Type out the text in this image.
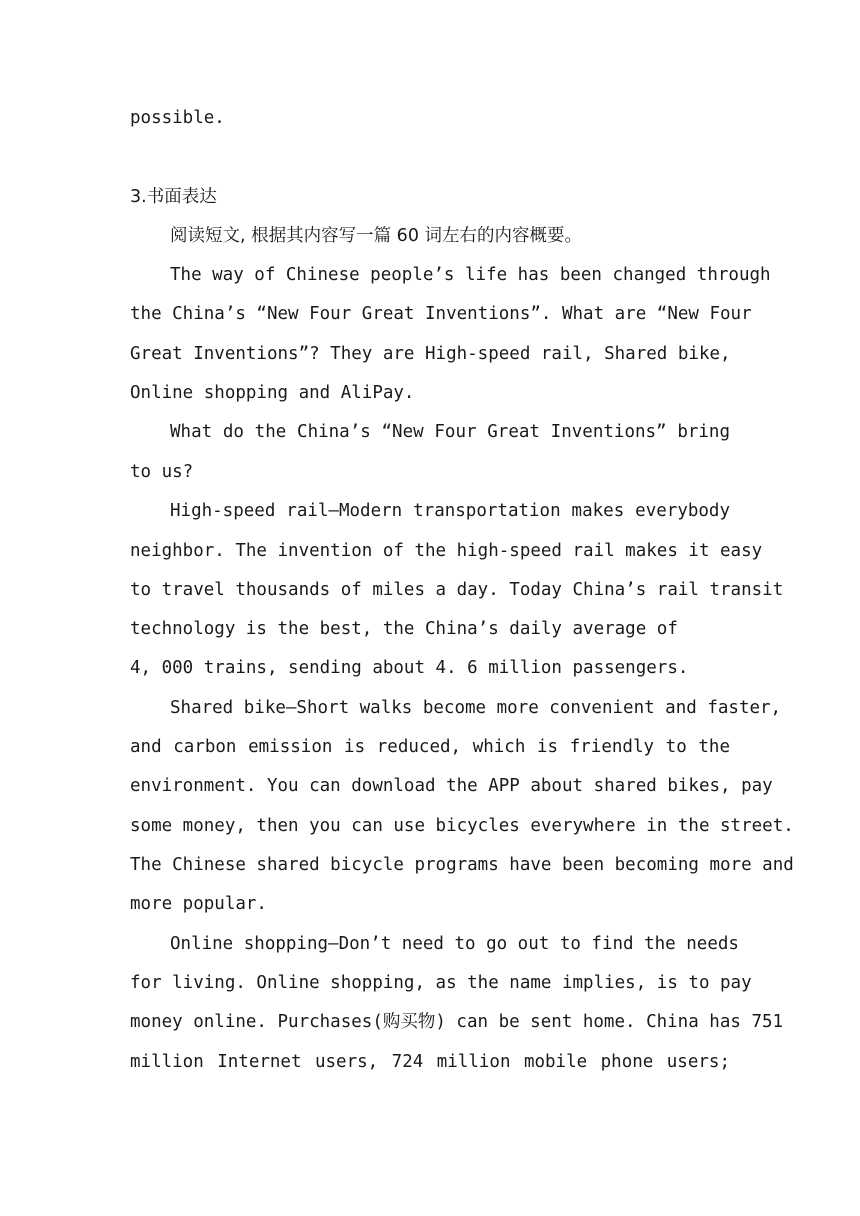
possible.
3.书面表达
阅读短文, 根据其内容写一篇 60 词左右的内容概要。
The way of Chinese people’s life has been changed through
the China’s “New Four Great Inventions”. What are “New Four
Great Inventions”? They are High-speed rail, Shared bike,
Online shopping and AliPay.
What do the China’s “New Four Great Inventions” bring
to us?
High-speed rail—Modern transportation makes everybody
neighbor. The invention of the high-speed rail makes it easy
to travel thousands of miles a day. Today China’s rail transit
technology is the best, the China’s daily average of
4, 000 trains, sending about 4. 6 million passengers.
Shared bike—Short walks become more convenient and faster,
and carbon emission is reduced, which is friendly to the
environment. You can download the APP about shared bikes, pay
some money, then you can use bicycles everywhere in the street.
The Chinese shared bicycle programs have been becoming more and
more popular.
Online shopping—Don’t need to go out to find the needs
for living. Online shopping, as the name implies, is to pay
money online. Purchases(购买物) can be sent home. China has 751
million Internet users, 724 million mobile phone users;
